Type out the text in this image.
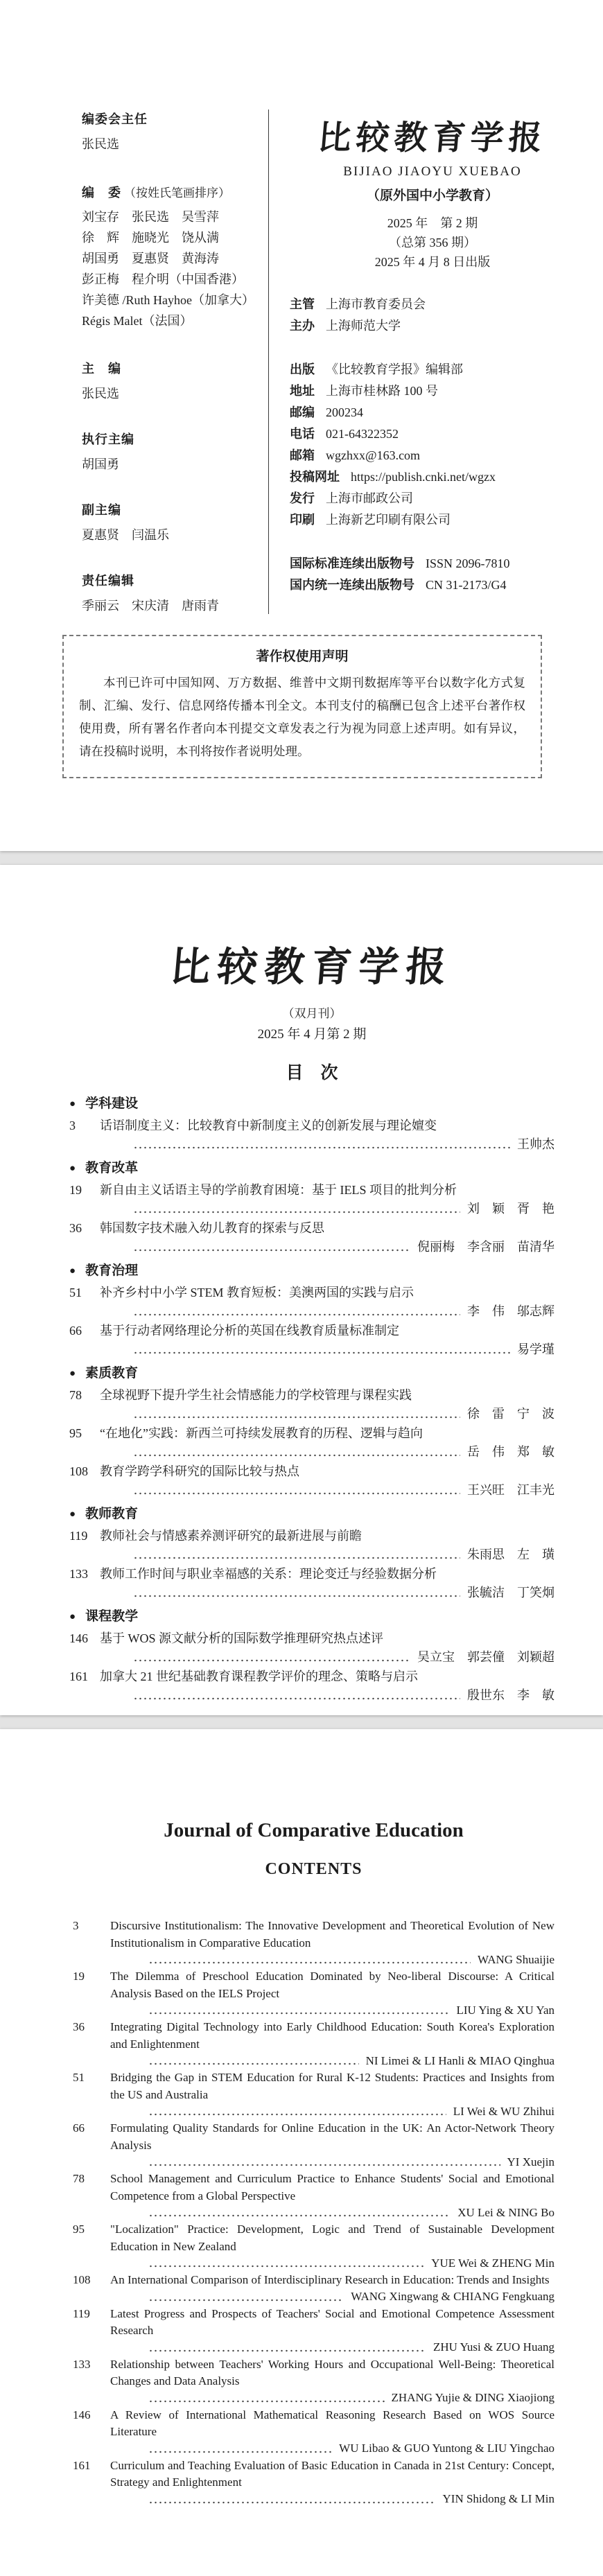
编委会主任
张民选
编　委 （按姓氏笔画排序）
刘宝存　张民选　吴雪萍
徐　辉　施晓光　饶从满
胡国勇　夏惠贤　黄海涛
彭正梅　程介明（中国香港）
许美德 /Ruth Hayhoe（加拿大）
Régis Malet（法国）
主　编
张民选
执行主编
胡国勇
副主编
夏惠贤　闫温乐
责任编辑
季丽云　宋庆清　唐雨青
比较教育学报
BIJIAO JIAOYU XUEBAO
（原外国中小学教育）
2025 年　第 2 期
（总第 356 期）
2025 年 4 月 8 日出版
主管 上海市教育委员会
主办 上海师范大学
出版 《比较教育学报》编辑部
地址 上海市桂林路 100 号
邮编 200234
电话 021-64322352
邮箱 wgzhxx@163.com
投稿网址 https://publish.cnki.net/wgzx
发行 上海市邮政公司
印刷 上海新艺印刷有限公司
国际标准连续出版物号 ISSN 2096-7810
国内统一连续出版物号 CN 31-2173/G4
著作权使用声明

本刊已许可中国知网、万方数据、维普中文期刊数据库等平台以数字化方式复制、汇编、发行、信息网络传播本刊全文。本刊支付的稿酬已包含上述平台著作权使用费，所有署名作者向本刊提交文章发表之行为视为同意上述声明。如有异议，请在投稿时说明，本刊将按作者说明处理。

比较教育学报
（双月刊）
2025 年 4 月第 2 期
目　次
● 学科建设
3	话语制度主义：比较教育中新制度主义的创新发展与理论嬗变
王帅杰
● 教育改革
19	新自由主义话语主导的学前教育困境：基于 IELS 项目的批判分析
刘　颖　胥　艳
36	韩国数字技术融入幼儿教育的探索与反思
倪丽梅　李含丽　苗清华
● 教育治理
51	补齐乡村中小学 STEM 教育短板：美澳两国的实践与启示
李　伟　邬志辉
66	基于行动者网络理论分析的英国在线教育质量标准制定
易学瑾
● 素质教育
78	全球视野下提升学生社会情感能力的学校管理与课程实践
徐　雷　宁　波
95	“在地化”实践：新西兰可持续发展教育的历程、逻辑与趋向
岳　伟　郑　敏
108 教育学跨学科研究的国际比较与热点
王兴旺　江丰光
● 教师教育
119 教师社会与情感素养测评研究的最新进展与前瞻
朱雨思　左　璜
133 教师工作时间与职业幸福感的关系：理论变迁与经验数据分析
张毓洁　丁笑炯
● 课程教学
146 基于 WOS 源文献分析的国际数学推理研究热点述评
吴立宝　郭芸僮　刘颖超
161 加拿大 21 世纪基础教育课程教学评价的理念、策略与启示
殷世东　李　敏
Journal of Comparative Education
CONTENTS
3	Discursive Institutionalism: The Innovative Development and Theoretical Evolution of New Institutionalism in Comparative Education
WANG Shuaijie
19	The Dilemma of Preschool Education Dominated by Neo-liberal Discourse: A Critical Analysis Based on the IELS Project
LIU Ying & XU Yan
36	Integrating Digital Technology into Early Childhood Education: South Korea's Exploration and Enlightenment
NI Limei & LI Hanli & MIAO Qinghua
51	Bridging the Gap in STEM Education for Rural K-12 Students: Practices and Insights from the US and Australia
LI Wei & WU Zhihui
66	Formulating Quality Standards for Online Education in the UK: An Actor-Network Theory Analysis
YI Xuejin
78	School Management and Curriculum Practice to Enhance Students' Social and Emotional Competence from a Global Perspective
XU Lei & NING Bo
95	"Localization" Practice: Development, Logic and Trend of Sustainable Development Education in New Zealand
YUE Wei & ZHENG Min
108	An International Comparison of Interdisciplinary Research in Education: Trends and Insights
WANG Xingwang & CHIANG Fengkuang
119	Latest Progress and Prospects of Teachers' Social and Emotional Competence Assessment Research
ZHU Yusi & ZUO Huang
133	Relationship between Teachers' Working Hours and Occupational Well-Being: Theoretical Changes and Data Analysis
ZHANG Yujie & DING Xiaojiong
146	A Review of International Mathematical Reasoning Research Based on WOS Source Literature
WU Libao & GUO Yuntong & LIU Yingchao
161	Curriculum and Teaching Evaluation of Basic Education in Canada in 21st Century: Concept, Strategy and Enlightenment
YIN Shidong & LI Min
